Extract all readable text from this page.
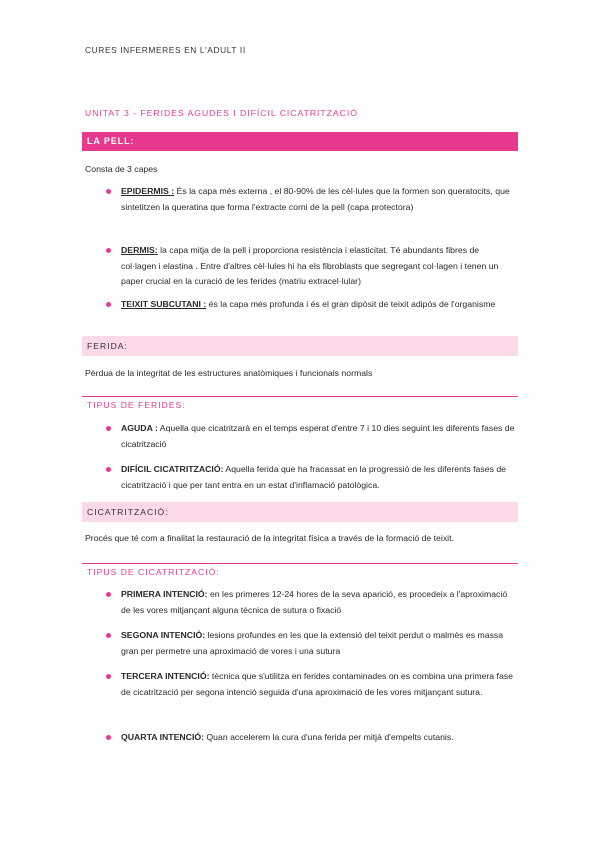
CURES INFERMERES EN L'ADULT II
UNITAT 3 - FERIDES AGUDES I DIFÍCIL CICATRITZACIÓ
LA PELL:
Consta de 3 capes
EPIDERMIS : És la capa més externa , el 80-90% de les cèl·lules que la formen son queratocits, que sintetitzen la queratina que forma l'extracte corni de la pell (capa protectora)
DERMIS: la capa mitja de la pell i proporciona resistència i elasticitat. Té abundants fibres de col·lagen i elastina . Entre d'altres cèl·lules hi ha els fibroblasts que segregant col·lagen i tenen un paper crucial en la curació de les ferides (matriu extracel·lular)
TEIXIT SUBCUTANI : és la capa més profunda i és el gran dipòsit de teixit adipós de l'organisme
FERIDA:
Pèrdua de la integritat de les estructures anatòmiques i funcionals normals
TIPUS DE FERIDES:
AGUDA : Aquella que cicatritzarà en el temps esperat d'entre 7 i 10 dies seguint les diferents fases de cicatrització
DIFÍCIL CICATRITZACIÓ: Aquella ferida que ha fracassat en la progressió de les diferents fases de cicatrització i que per tant entra en un estat d'inflamació patològica.
CICATRITZACIÓ:
Procés que té com a finalitat la restauració de la integritat física a través de la formació de teixit.
TIPUS DE CICATRITZACIÓ:
PRIMERA INTENCIÓ: en les primeres 12-24 hores de la seva aparició, es procedeix a l'aproximació de les vores mitjançant alguna tècnica de sutura o fixació
SEGONA INTENCIÓ: lesions profundes en les que la extensió del teixit perdut o malmès es massa gran per permetre una aproximació de vores i una sutura
TERCERA INTENCIÓ: tècnica que s'utilitza en ferides contaminades on es combina una primera fase de cicatrització per segona intenció seguida d'una aproximació de les vores mitjançant sutura.
QUARTA INTENCIÓ: Quan accelerem la cura d'una ferida per mitjà d'empelts cutanis.
